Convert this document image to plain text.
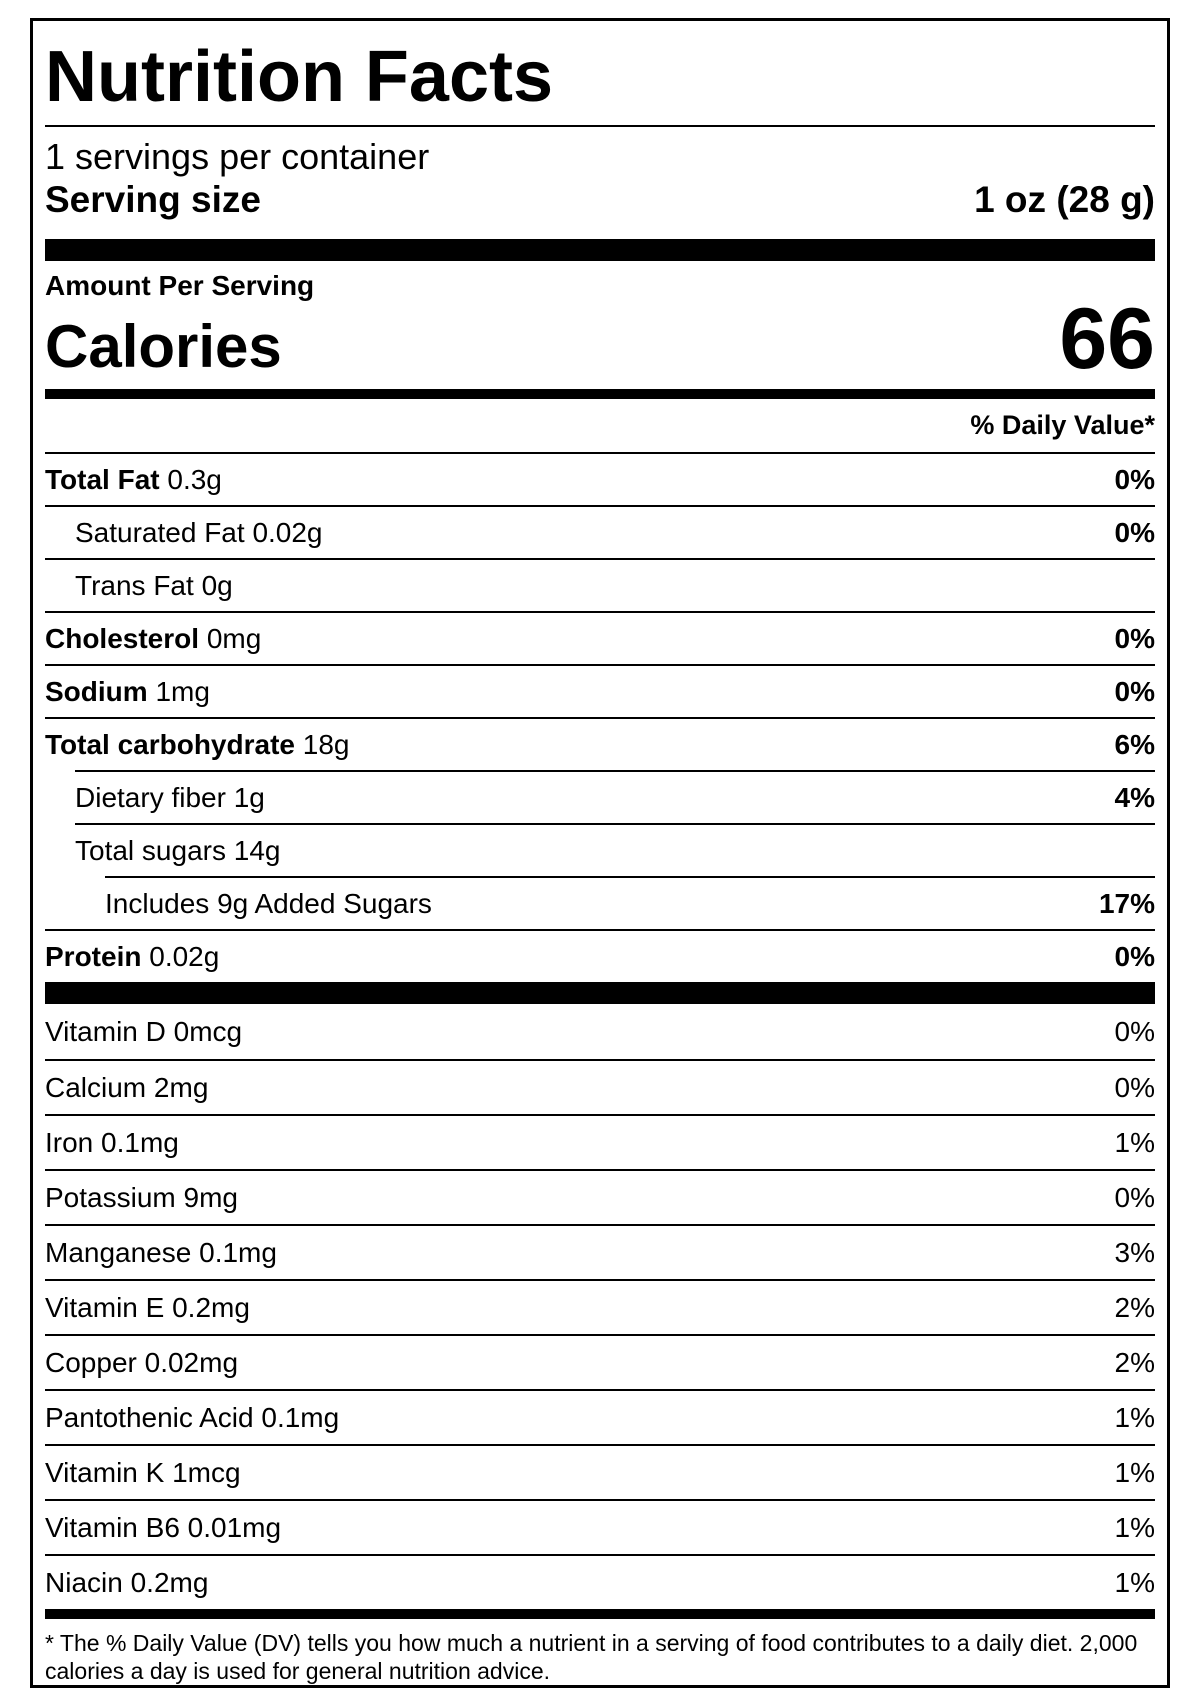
Nutrition Facts
1 servings per container
Serving size	1 oz (28 g)
Amount Per Serving
Calories	66
% Daily Value*
Total Fat 0.3g	0%
Saturated Fat 0.02g	0%
Trans Fat 0g
Cholesterol 0mg	0%
Sodium 1mg	0%
Total carbohydrate 18g	6%
Dietary fiber 1g	4%
Total sugars 14g
Includes 9g Added Sugars	17%
Protein 0.02g	0%
Vitamin D 0mcg	0%
Calcium 2mg	0%
Iron 0.1mg	1%
Potassium 9mg	0%
Manganese 0.1mg	3%
Vitamin E 0.2mg	2%
Copper 0.02mg	2%
Pantothenic Acid 0.1mg	1%
Vitamin K 1mcg	1%
Vitamin B6 0.01mg	1%
Niacin 0.2mg	1%
* The % Daily Value (DV) tells you how much a nutrient in a serving of food contributes to a daily diet. 2,000 calories a day is used for general nutrition advice.
